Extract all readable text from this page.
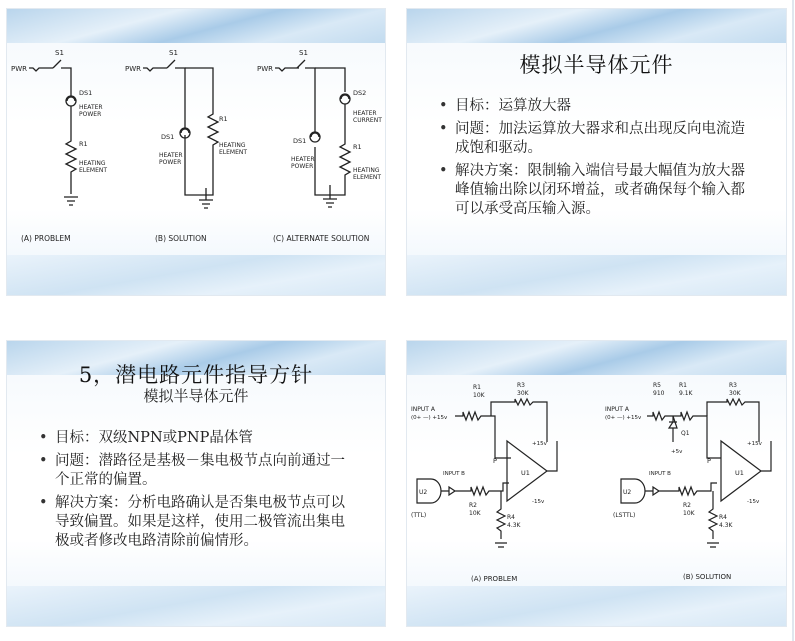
PWR
S1
DS1
HEATER
POWER
R1
HEATING
ELEMENT
(A) PROBLEM
PWR
S1
DS1
HEATER
POWER
R1
HEATING
ELEMENT
(B) SOLUTION
PWR
S1
DS2
HEATER
CURRENT
DS1
HEATER
POWER
R1
HEATING
ELEMENT
(C) ALTERNATE SOLUTION
模拟半导体元件
• 目标：运算放大器
• 问题：加法运算放大器求和点出现反向电流造成饱和驱动。
• 解决方案：限制输入端信号最大幅值为放大器峰值输出除以闭环增益，或者确保每个输入都可以承受高压输入源。
5，潜电路元件指导方针
模拟半导体元件
• 目标：双级NPN或PNP晶体管
• 问题：潜路径是基极－集电极节点向前通过一个正常的偏置。
• 解决方案：分析电路确认是否集电极节点可以导致偏置。如果是这样，使用二极管流出集电极或者修改电路清除前偏情形。
INPUT A
(0+ —) +15v
R1
10K
R3
30K
P
U1
+15v
-15v
U2
INPUT B
R2
10K
(TTL)	R4
4.3K
(A) PROBLEM
INPUT A
(0+ —) +15v
R5
910
Q1
+5v
R1
9.1K
R3
30K
P
U1
+15v
-15v
U2
INPUT B
R2
10K
(LSTTL)	R4
4.3K
(B) SOLUTION
